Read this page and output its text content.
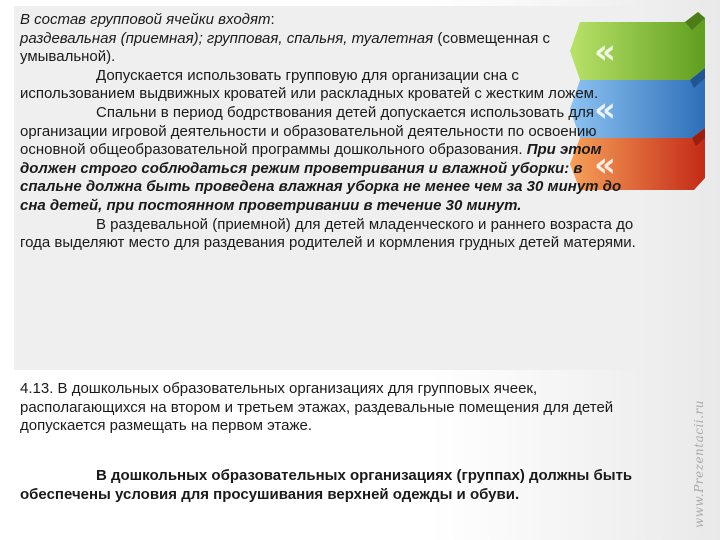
«
«
«

В состав групповой ячейки входят:
раздевальная (приемная); групповая, спальня, туалетная (совмещенная с умывальной).

Допускается использовать групповую для организации сна с использованием выдвижных кроватей или раскладных кроватей с жестким ложем.

Спальни в период бодрствования детей допускается использовать для организации игровой деятельности и образовательной деятельности по освоению основной общеобразовательной программы дошкольного образования. При этом должен строго соблюдаться режим проветривания и влажной уборки: в спальне должна быть проведена влажная уборка не менее чем за 30 минут до сна детей, при постоянном проветривании в течение 30 минут.

В раздевальной (приемной) для детей младенческого и раннего возраста до года выделяют место для раздевания родителей и кормления грудных детей матерями.

4.13. В дошкольных образовательных организациях для групповых ячеек, располагающихся на втором и третьем этажах, раздевальные помещения для детей допускается размещать на первом этаже.

В дошкольных образовательных организациях (группах) должны быть обеспечены условия для просушивания верхней одежды и обуви.	www.Prezentacii.ru
